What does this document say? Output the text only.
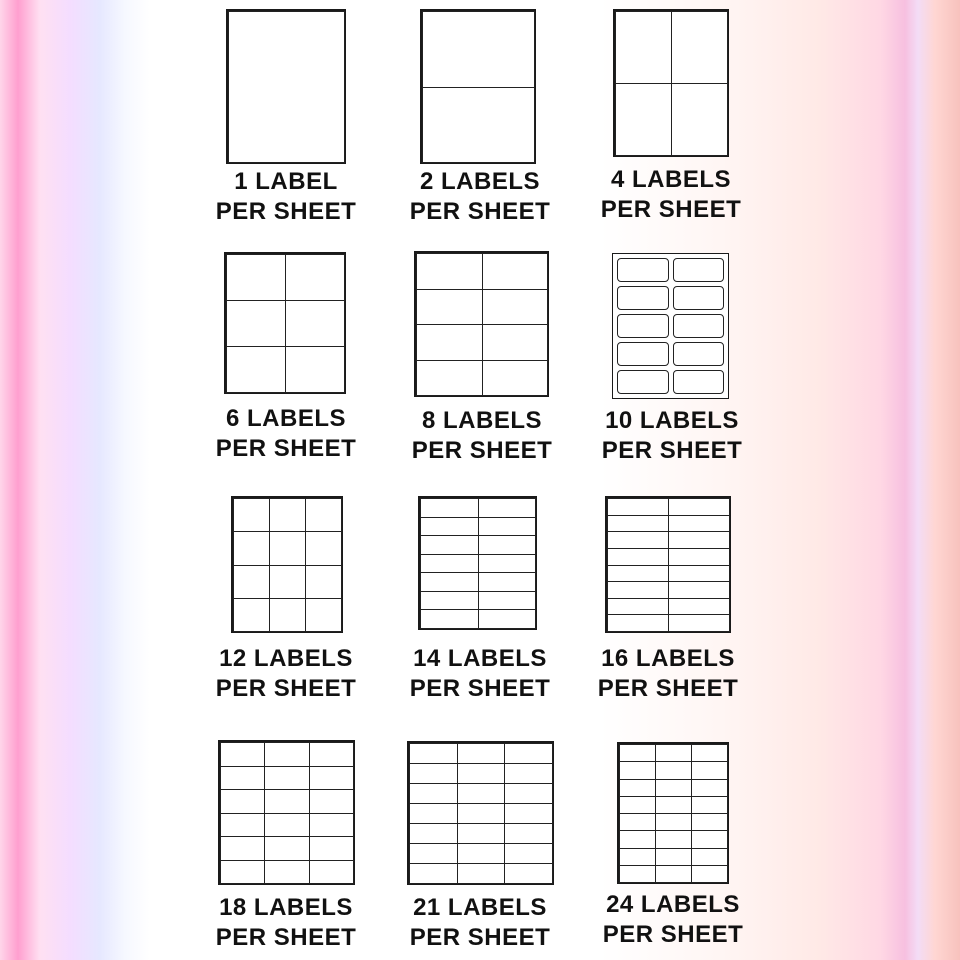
1 LABEL
PER SHEET
2 LABELS
PER SHEET
4 LABELS
PER SHEET
6 LABELS
PER SHEET
8 LABELS
PER SHEET
10 LABELS
PER SHEET
12 LABELS
PER SHEET
14 LABELS
PER SHEET
16 LABELS
PER SHEET
18 LABELS
PER SHEET
21 LABELS
PER SHEET
24 LABELS
PER SHEET
